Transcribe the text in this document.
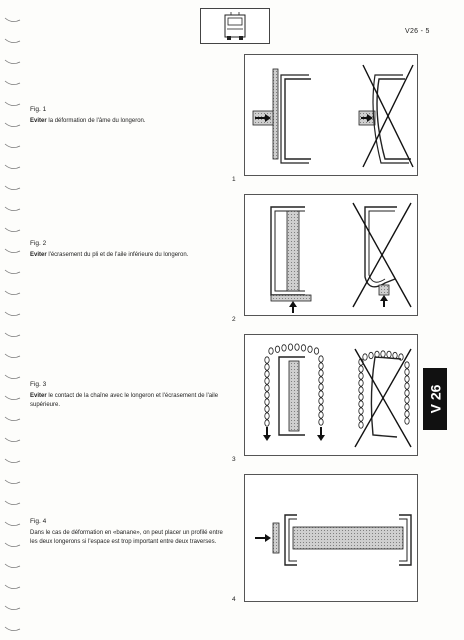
V26 - 5
Fig. 1
Eviter la déformation de l'âme du longeron.
Fig. 2
Eviter l'écrasement du pli et de l'aile inférieure du longeron.
Fig. 3
Eviter le contact de la chaîne avec le longeron et l'écrasement de l'aile supérieure.
Fig. 4
Dans le cas de déformation en «banane», on peut placer un profilé entre les deux longerons si l'espace est trop important entre deux traverses.
1
2
3
4
V 26
